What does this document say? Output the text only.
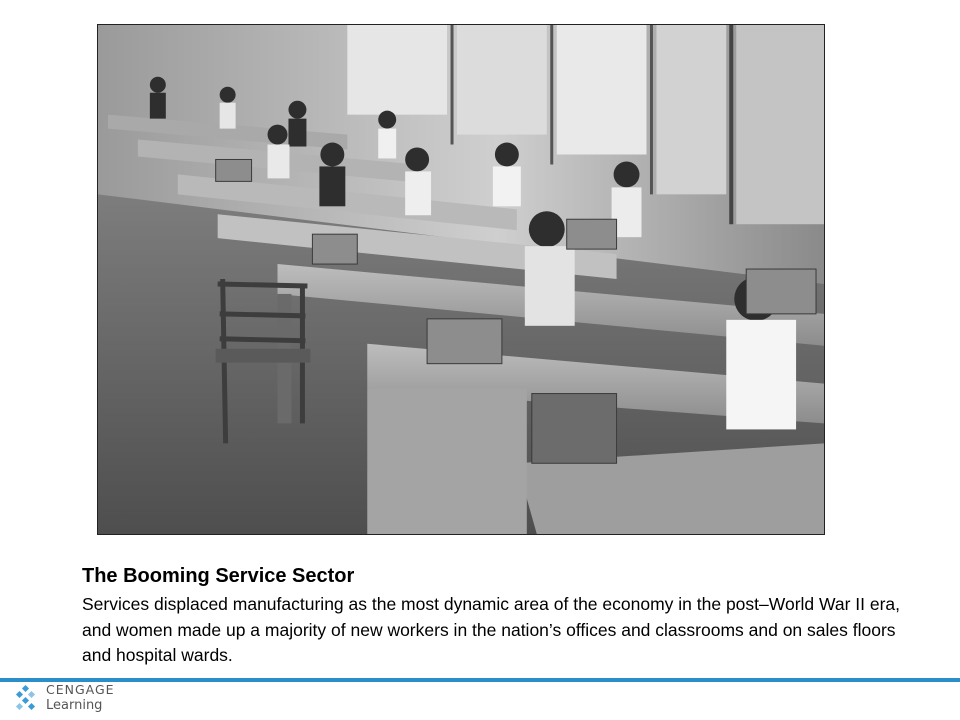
The Booming Service Sector

Services displaced manufacturing as the most dynamic area of the economy in the post–World War II era, and women made up a majority of new workers in the nation’s offices and classrooms and on sales floors and hospital wards.

CENGAGE
Learning
